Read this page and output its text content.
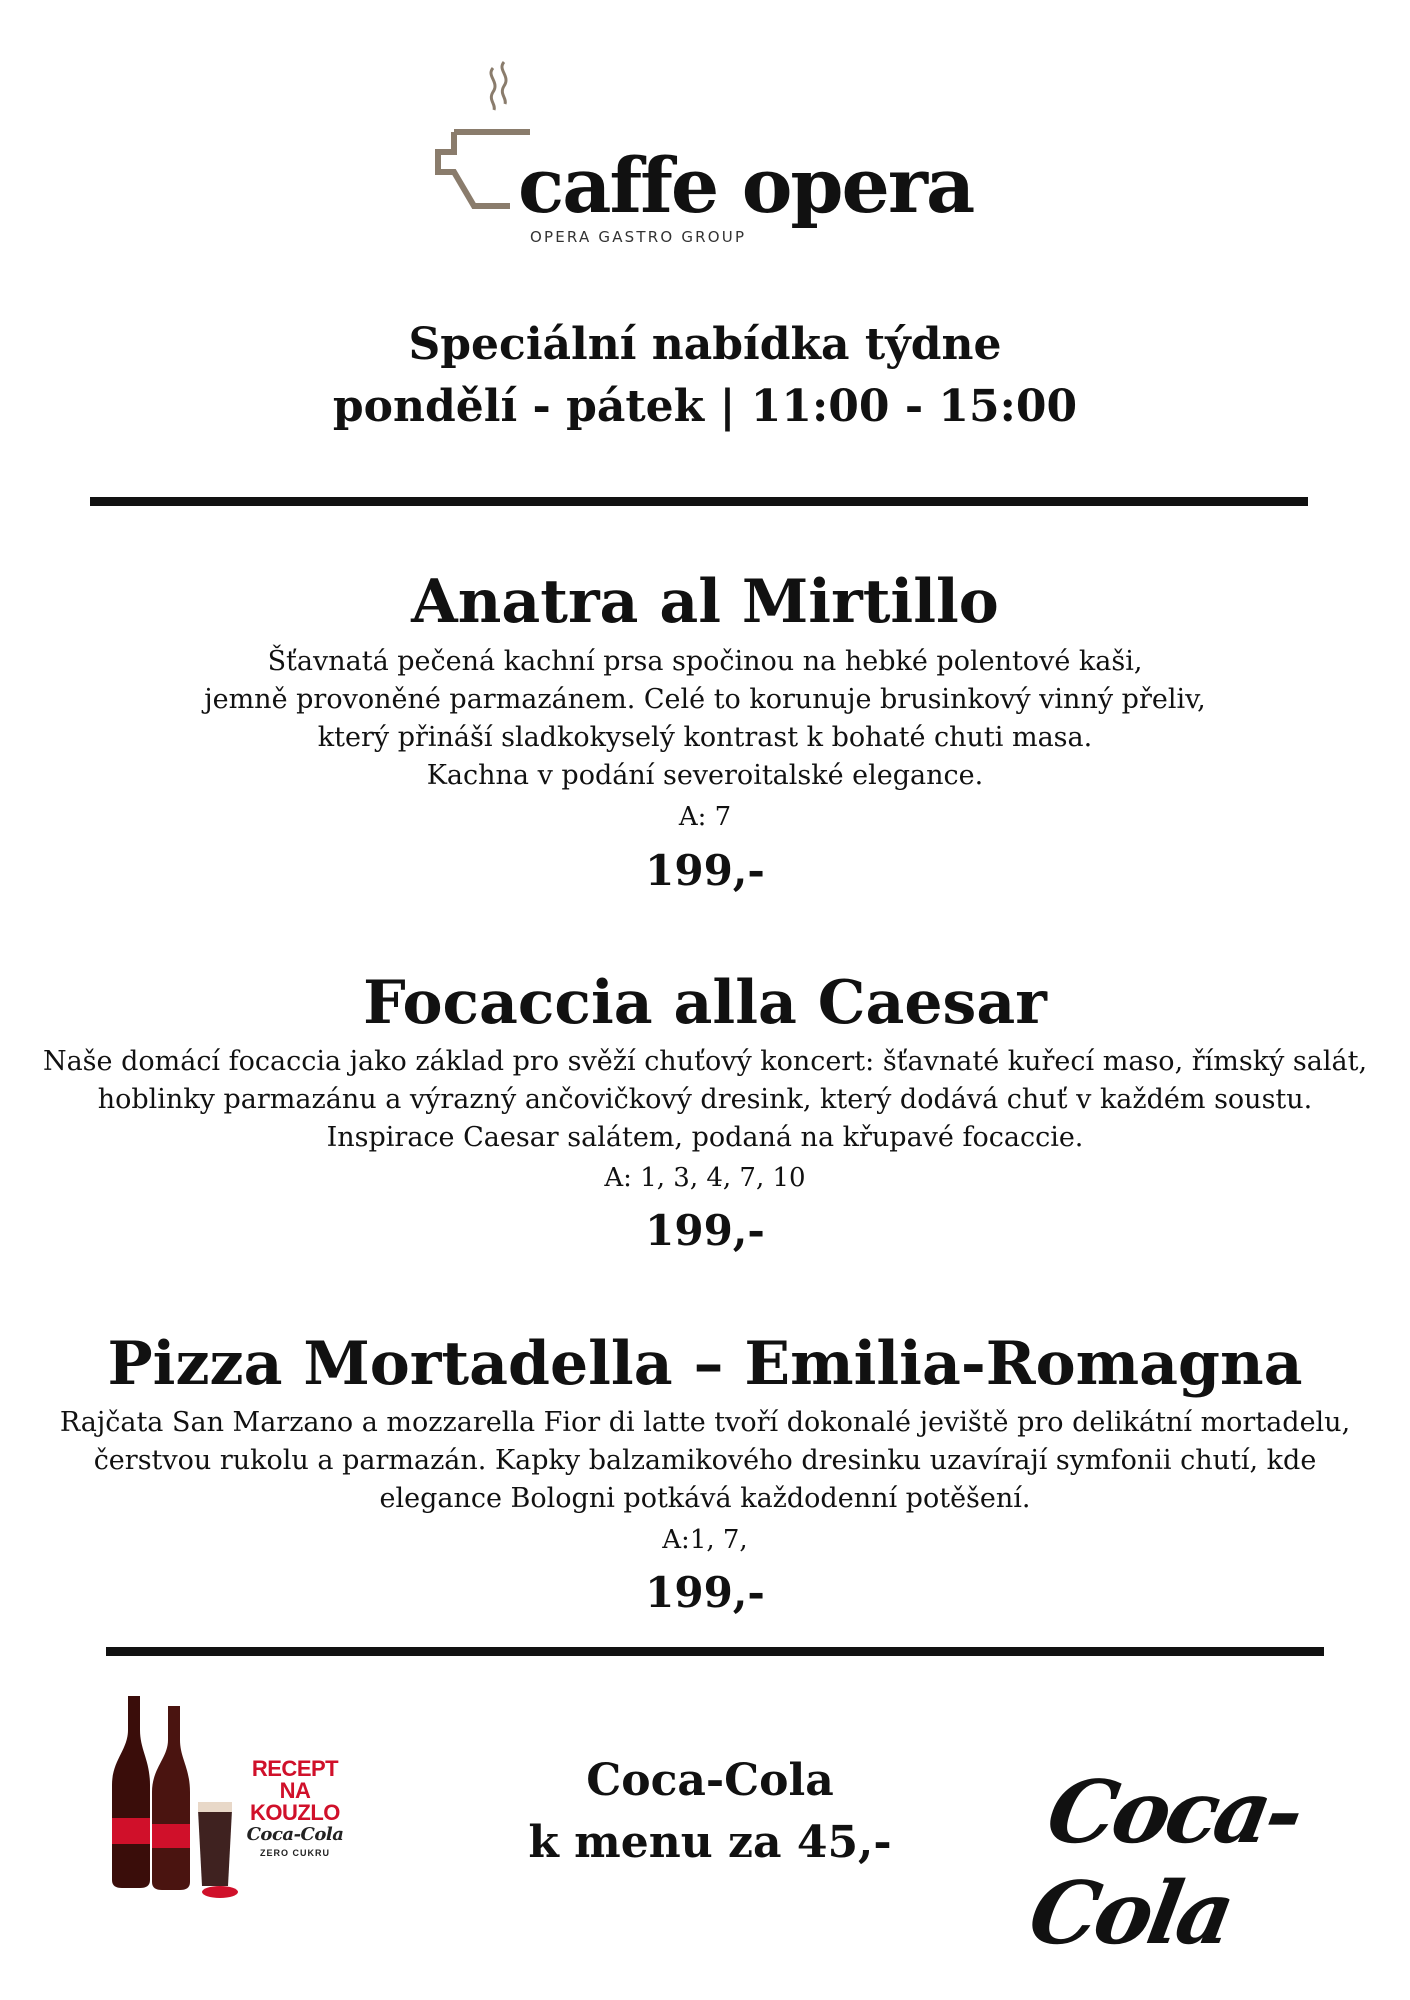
caffe opera
OPERA GASTRO GROUP
Speciální nabídka týdne
pondělí - pátek | 11:00 - 15:00
Anatra al Mirtillo
Šťavnatá pečená kachní prsa spočinou na hebké polentové kaši,
jemně provoněné parmazánem. Celé to korunuje brusinkový vinný přeliv,
který přináší sladkokyselý kontrast k bohaté chuti masa.
Kachna v podání severoitalské elegance.
A: 7
199,-
Focaccia alla Caesar
Naše domácí focaccia jako základ pro svěží chuťový koncert: šťavnaté kuřecí maso, římský salát,
hoblinky parmazánu a výrazný ančovičkový dresink, který dodává chuť v každém soustu.
Inspirace Caesar salátem, podaná na křupavé focaccie.
A: 1, 3, 4, 7, 10
199,-
Pizza Mortadella – Emilia-Romagna
Rajčata San Marzano a mozzarella Fior di latte tvoří dokonalé jeviště pro delikátní mortadelu,
čerstvou rukolu a parmazán. Kapky balzamikového dresinku uzavírají symfonii chutí, kde
elegance Bologni potkává každodenní potěšení.
A:1, 7,
199,-
RECEPT
NA KOUZLO
Coca-Cola
ZERO CUKRU
Coca-Cola
k menu za 45,-	Coca-Cola
